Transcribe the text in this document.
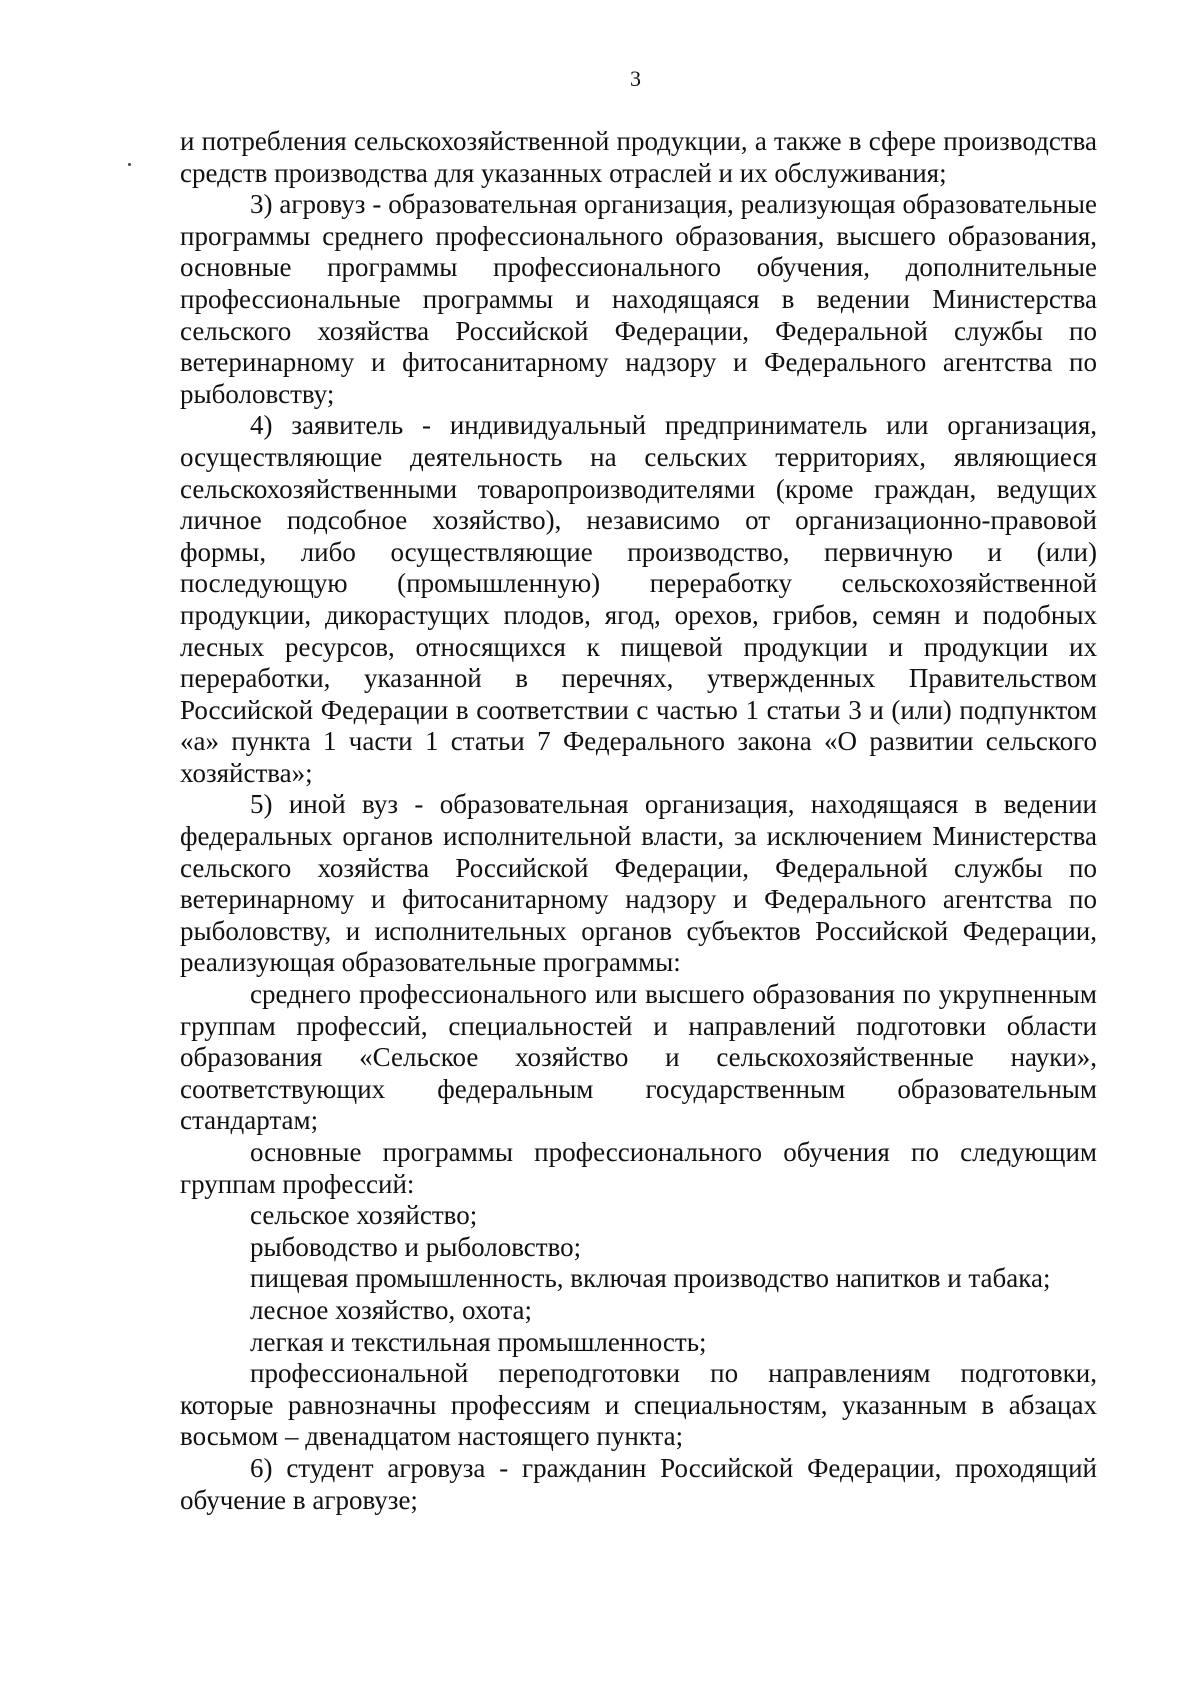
3

и потребления сельскохозяйственной продукции, а также в сфере производства средств производства для указанных отраслей и их обслуживания;

3) агровуз - образовательная организация, реализующая образовательные программы среднего профессионального образования, высшего образования, основные программы профессионального обучения, дополнительные профессиональные программы и находящаяся в ведении Министерства сельского хозяйства Российской Федерации, Федеральной службы по ветеринарному и фитосанитарному надзору и Федерального агентства по рыболовству;

4) заявитель - индивидуальный предприниматель или организация, осуществляющие деятельность на сельских территориях, являющиеся сельскохозяйственными товаропроизводителями (кроме граждан, ведущих личное подсобное хозяйство), независимо от организационно-правовой формы, либо осуществляющие производство, первичную и (или) последующую (промышленную) переработку сельскохозяйственной продукции, дикорастущих плодов, ягод, орехов, грибов, семян и подобных лесных ресурсов, относящихся к пищевой продукции и продукции их переработки, указанной в перечнях, утвержденных Правительством Российской Федерации в соответствии с частью 1 статьи 3 и (или) подпунктом «а» пункта 1 части 1 статьи 7 Федерального закона «О развитии сельского хозяйства»;

5) иной вуз - образовательная организация, находящаяся в ведении федеральных органов исполнительной власти, за исключением Министерства сельского хозяйства Российской Федерации, Федеральной службы по ветеринарному и фитосанитарному надзору и Федерального агентства по рыболовству, и исполнительных органов субъектов Российской Федерации, реализующая образовательные программы:

среднего профессионального или высшего образования по укрупненным группам профессий, специальностей и направлений подготовки области образования «Сельское хозяйство и сельскохозяйственные науки», соответствующих федеральным государственным образовательным стандартам;

основные программы профессионального обучения по следующим группам профессий:

сельское хозяйство;

рыбоводство и рыболовство;

пищевая промышленность, включая производство напитков и табака;

лесное хозяйство, охота;

легкая и текстильная промышленность;

профессиональной переподготовки по направлениям подготовки, которые равнозначны профессиям и специальностям, указанным в абзацах восьмом – двенадцатом настоящего пункта;

6) студент агровуза - гражданин Российской Федерации, проходящий обучение в агровузе;
